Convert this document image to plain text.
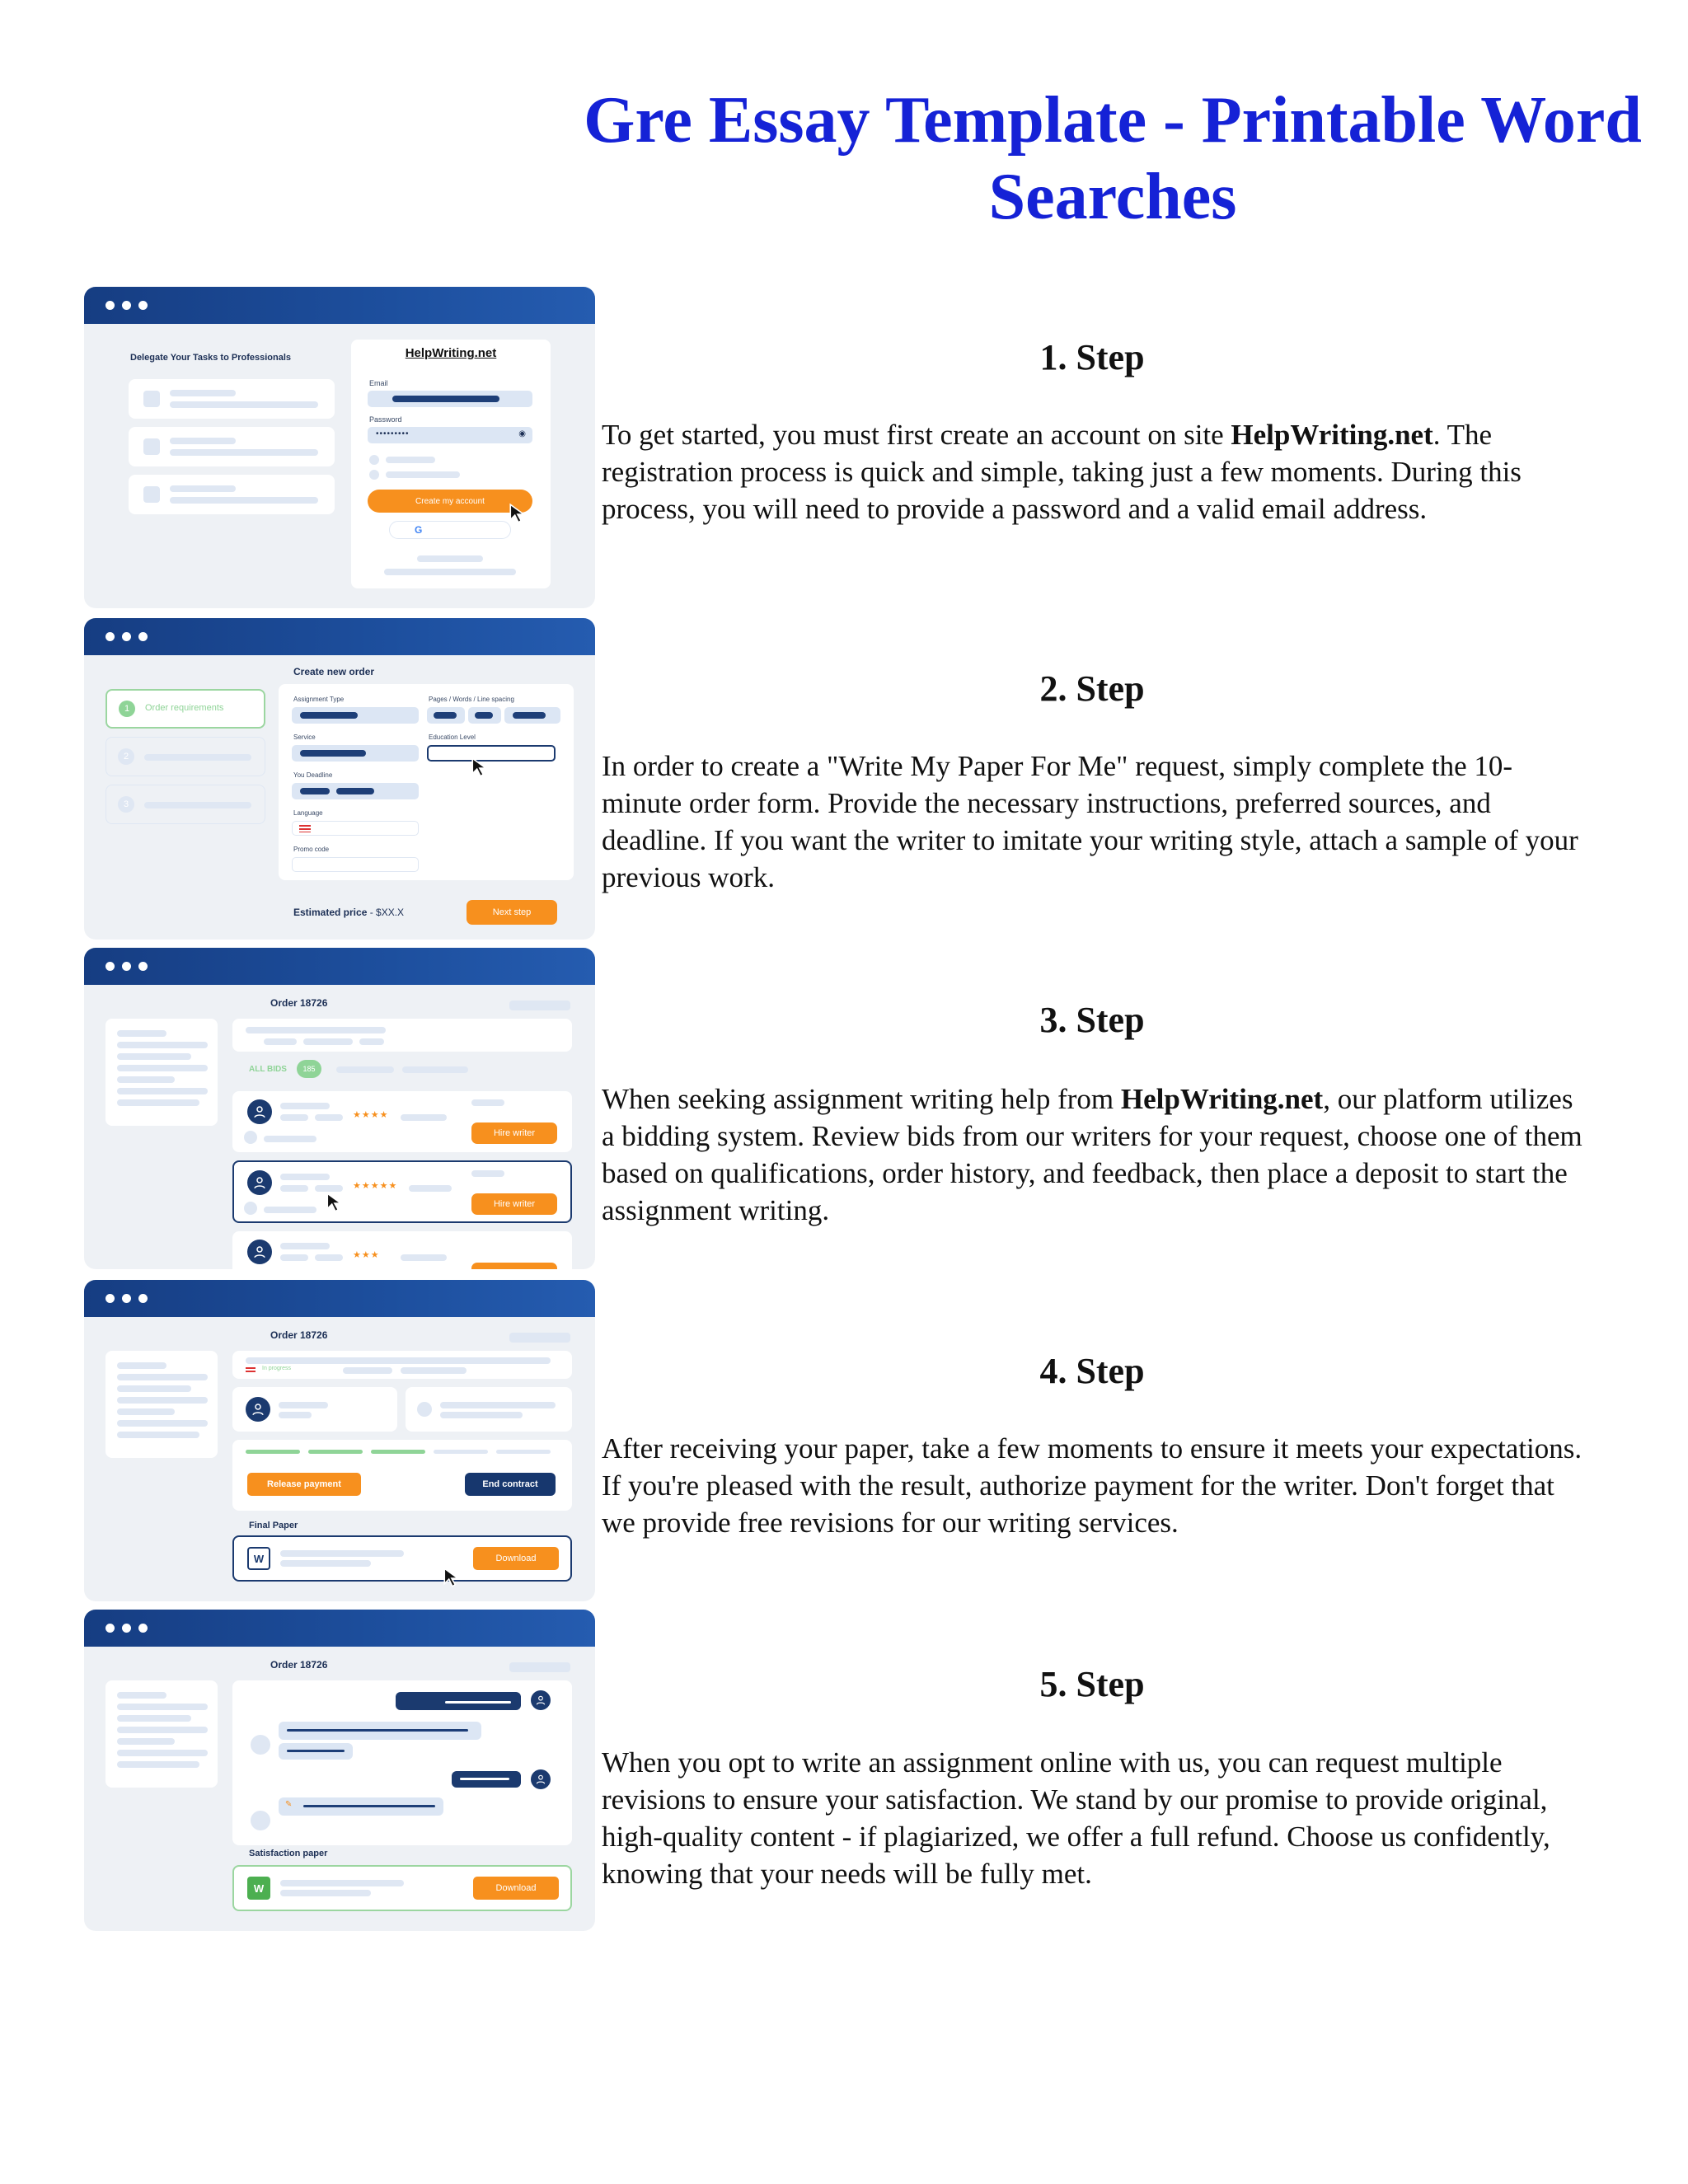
Gre Essay Template - Printable Word Searches
Delegate Your Tasks to Professionals	HelpWriting.net
Email
Password
•••••••••	◉
Create my account
G
1	Order requirements
2
3
Create new order
Assignment Type	Pages / Words / Line spacing
Service	Education Level
You Deadline
Language
Promo code
Estimated price - $XX.X	Next step
Order 18726
ALL BIDS	185
★★★★
Hire writer
★★★★★
Hire writer
★★★
Order 18726
In progress
Release payment	End contract
Final Paper
W	Download
Order 18726
✎
Satisfaction paper
W	Download
1. Step

To get started, you must first create an account on site HelpWriting.net. The registration process is quick and simple, taking just a few moments. During this process, you will need to provide a password and a valid email address.

2. Step

In order to create a "Write My Paper For Me" request, simply complete the 10-minute order form. Provide the necessary instructions, preferred sources, and deadline. If you want the writer to imitate your writing style, attach a sample of your previous work.

3. Step

When seeking assignment writing help from HelpWriting.net, our platform utilizes a bidding system. Review bids from our writers for your request, choose one of them based on qualifications, order history, and feedback, then place a deposit to start the assignment writing.

4. Step

After receiving your paper, take a few moments to ensure it meets your expectations. If you're pleased with the result, authorize payment for the writer. Don't forget that we provide free revisions for our writing services.

5. Step

When you opt to write an assignment online with us, you can request multiple revisions to ensure your satisfaction. We stand by our promise to provide original, high-quality content - if plagiarized, we offer a full refund. Choose us confidently, knowing that your needs will be fully met.
